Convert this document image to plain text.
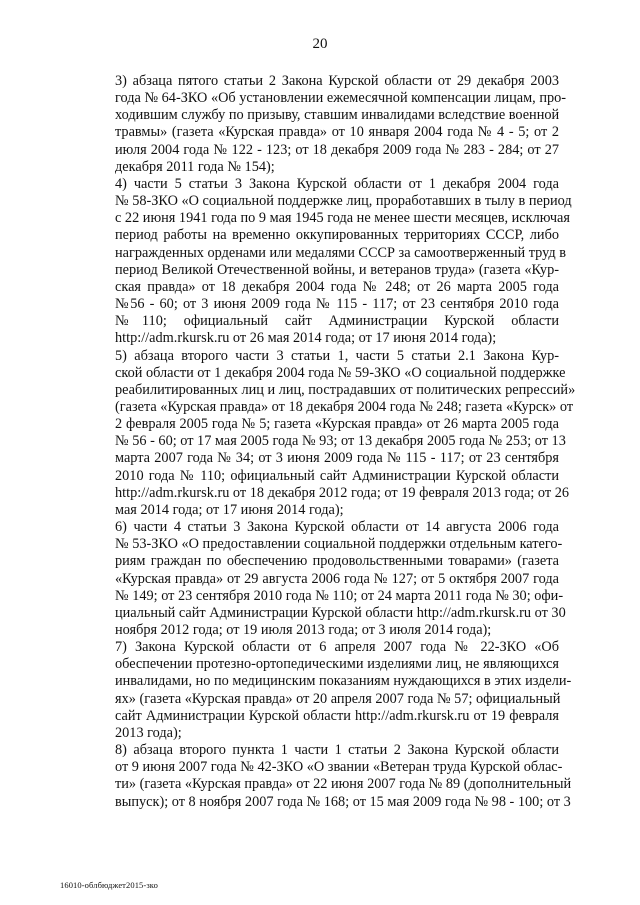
20

3) абзаца пятого статьи 2 Закона Курской области от 29 декабря 2003
года № 64-ЗКО «Об установлении ежемесячной компенсации лицам, про-
ходившим службу по призыву, ставшим инвалидами вследствие военной
травмы» (газета «Курская правда» от 10 января 2004 года № 4 - 5; от 2
июля 2004 года № 122 - 123; от 18 декабря 2009 года № 283 - 284; от 27
декабря 2011 года № 154);

4) части 5 статьи 3 Закона Курской области от 1 декабря 2004 года
№ 58-ЗКО «О социальной поддержке лиц, проработавших в тылу в период
с 22 июня 1941 года по 9 мая 1945 года не менее шести месяцев, исключая
период работы на временно оккупированных территориях СССР, либо
награжденных орденами или медалями СССР за самоотверженный труд в
период Великой Отечественной войны, и ветеранов труда» (газета «Кур-
ская правда» от 18 декабря 2004 года № 248; от 26 марта 2005 года
№56 - 60; от 3 июня 2009 года № 115 - 117; от 23 сентября 2010 года
№110; официальный сайт Администрации Курской области
http://adm.rkursk.ru от 26 мая 2014 года; от 17 июня 2014 года);

5) абзаца второго части 3 статьи 1, части 5 статьи 2.1 Закона Кур-
ской области от 1 декабря 2004 года № 59-ЗКО «О социальной поддержке
реабилитированных лиц и лиц, пострадавших от политических репрессий»
(газета «Курская правда» от 18 декабря 2004 года № 248; газета «Курск» от
2 февраля 2005 года № 5; газета «Курская правда» от 26 марта 2005 года
№ 56 - 60; от 17 мая 2005 года № 93; от 13 декабря 2005 года № 253; от 13
марта 2007 года № 34; от 3 июня 2009 года № 115 - 117; от 23 сентября
2010 года № 110; официальный сайт Администрации Курской области
http://adm.rkursk.ru от 18 декабря 2012 года; от 19 февраля 2013 года; от 26
мая 2014 года; от 17 июня 2014 года);

6) части 4 статьи 3 Закона Курской области от 14 августа 2006 года
№ 53-ЗКО «О предоставлении социальной поддержки отдельным катего-
риям граждан по обеспечению продовольственными товарами» (газета
«Курская правда» от 29 августа 2006 года № 127; от 5 октября 2007 года
№ 149; от 23 сентября 2010 года № 110; от 24 марта 2011 года № 30; офи-
циальный сайт Администрации Курской области http://adm.rkursk.ru от 30
ноября 2012 года; от 19 июля 2013 года; от 3 июля 2014 года);

7) Закона Курской области от 6 апреля 2007 года № 22-ЗКО «Об
обеспечении протезно-ортопедическими изделиями лиц, не являющихся
инвалидами, но по медицинским показаниям нуждающихся в этих издели-
ях» (газета «Курская правда» от 20 апреля 2007 года № 57; официальный
сайт Администрации Курской области http://adm.rkursk.ru от 19 февраля
2013 года);

8) абзаца второго пункта 1 части 1 статьи 2 Закона Курской области
от 9 июня 2007 года № 42-ЗКО «О звании «Ветеран труда Курской облас-
ти» (газета «Курская правда» от 22 июня 2007 года № 89 (дополнительный
выпуск); от 8 ноября 2007 года № 168; от 15 мая 2009 года № 98 - 100; от 3

16010-облбюджет2015-зко
